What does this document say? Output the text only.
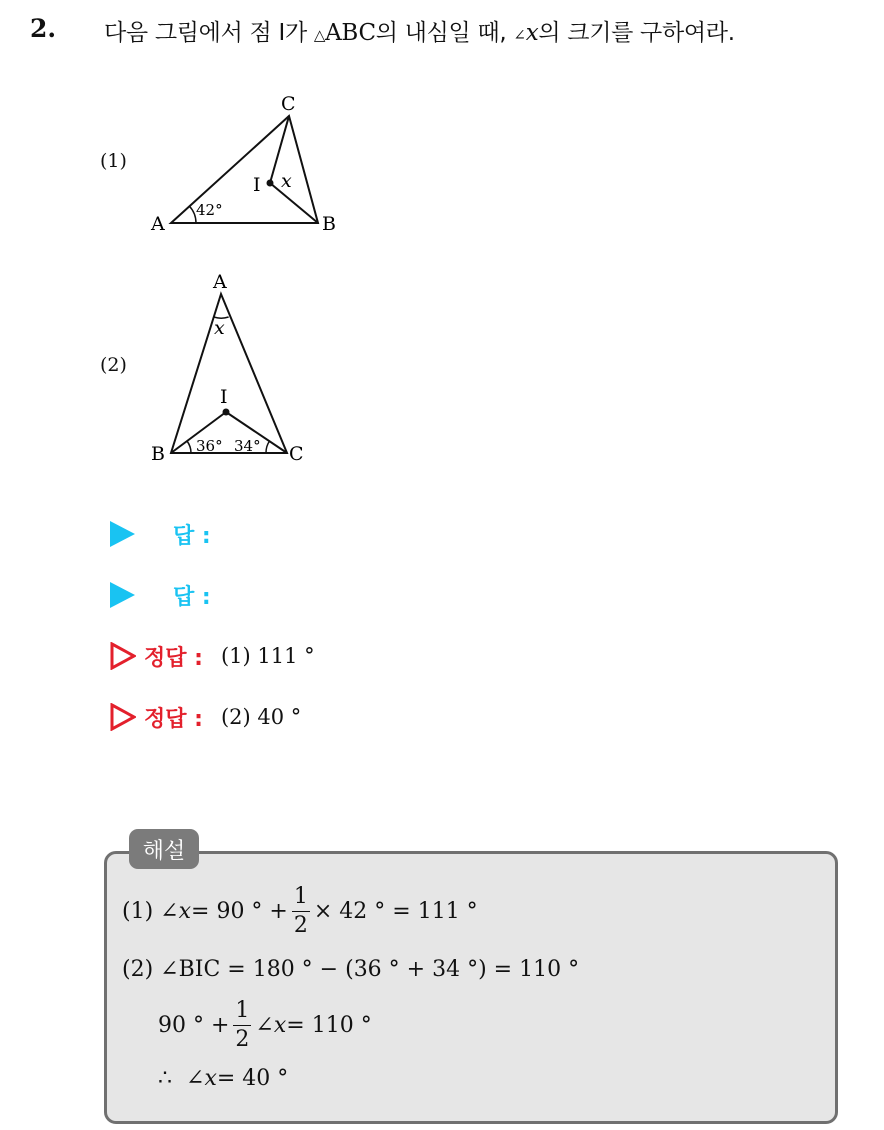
2. 다음 그림에서 점 I가 △ABC의 내심일 때, ∠x의 크기를 구하여라.
(1)
(2)
A	B
C
I x
42°
A
B	C
I
x
36° 34°
답 :
답 :
정답 : (1) 111 °
정답 : (2) 40 °
해설
(1) ∠ x = 90 ° + $\frac{1}{2} \times 42$ ° = 111 °
(2) ∠BIC = 180 ° − (36 ° + 34 °) = 110 °
90 ° + $\frac{1}{2}$ ∠ x = 110 °
∴ ∠ x = 40 °
